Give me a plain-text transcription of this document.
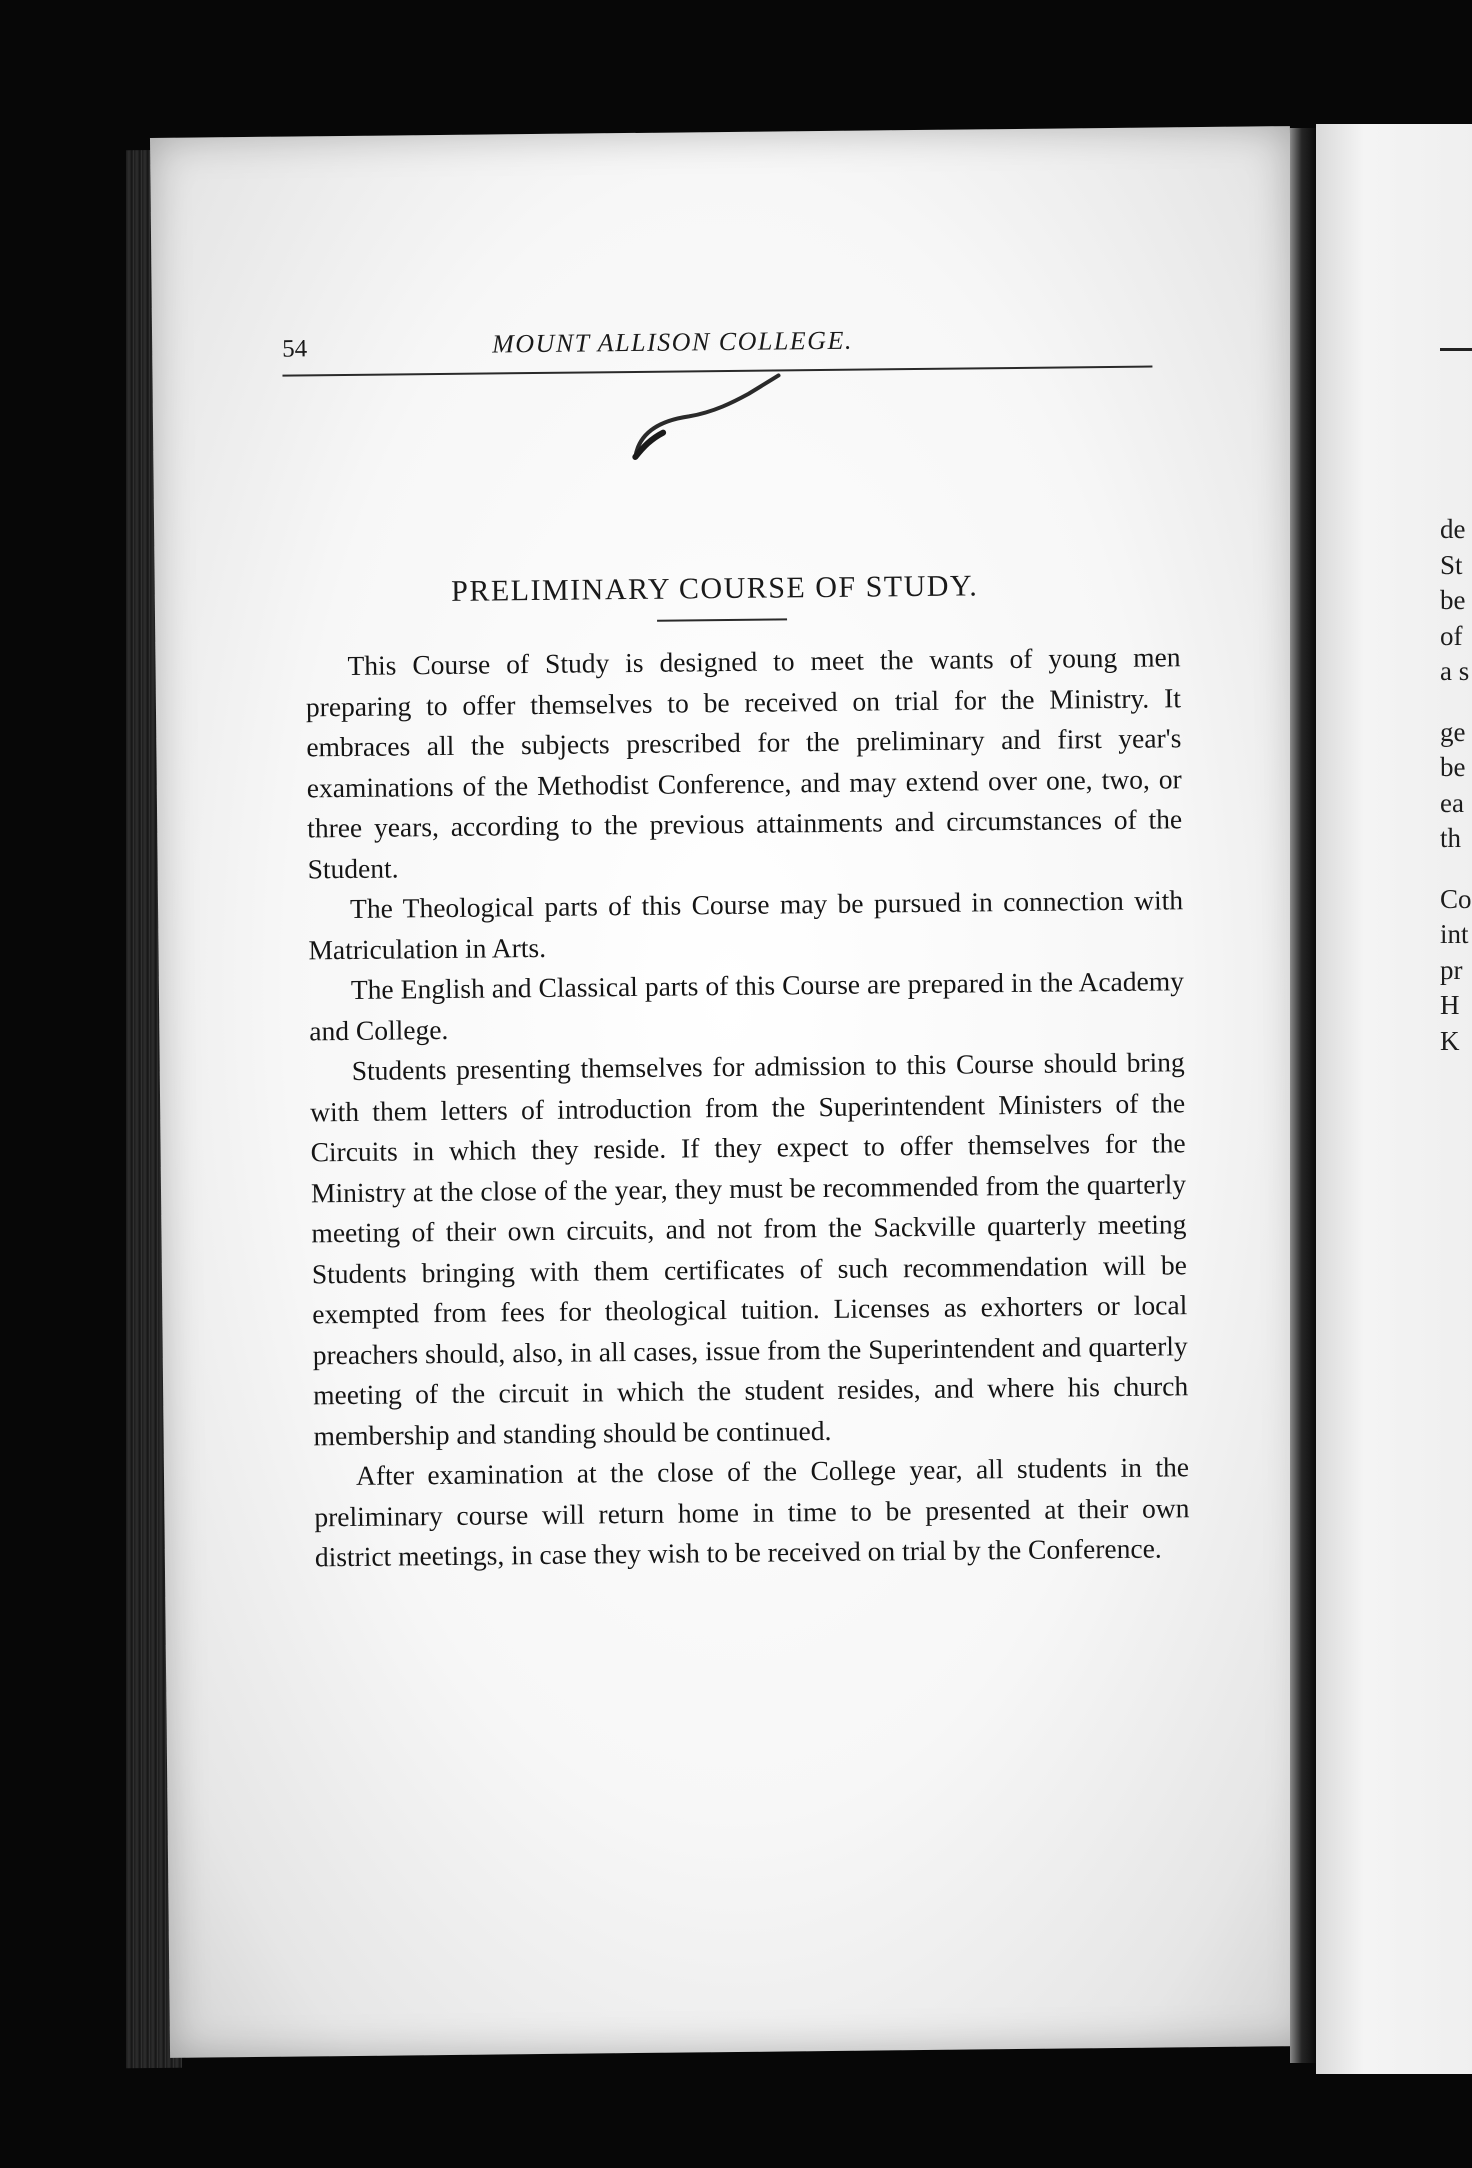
54	MOUNT ALLISON COLLEGE.
PRELIMINARY COURSE OF STUDY.

This Course of Study is designed to meet the wants of young men preparing to offer themselves to be received on trial for the Ministry. It embraces all the subjects prescribed for the preliminary and first year's examinations of the Methodist Conference, and may extend over one, two, or three years, according to the previous attainments and circumstances of the Student.

The Theological parts of this Course may be pursued in connection with Matriculation in Arts.

The English and Classical parts of this Course are prepared in the Academy and College.

Students presenting themselves for admission to this Course should bring with them letters of introduction from the Superintendent Ministers of the Circuits in which they reside. If they expect to offer themselves for the Ministry at the close of the year, they must be recommended from the quarterly meeting of their own circuits, and not from the Sackville quarterly meeting Students bringing with them certificates of such recommendation will be exempted from fees for theological tuition. Licenses as exhorters or local preachers should, also, in all cases, issue from the Superintendent and quarterly meeting of the circuit in which the student resides, and where his church membership and standing should be continued.

After examination at the close of the College year, all students in the preliminary course will return home in time to be presented at their own district meetings, in case they wish to be received on trial by the Conference.

de
St
be
of
a s
ge
be
ea
th
Co
int
pr
H
K
